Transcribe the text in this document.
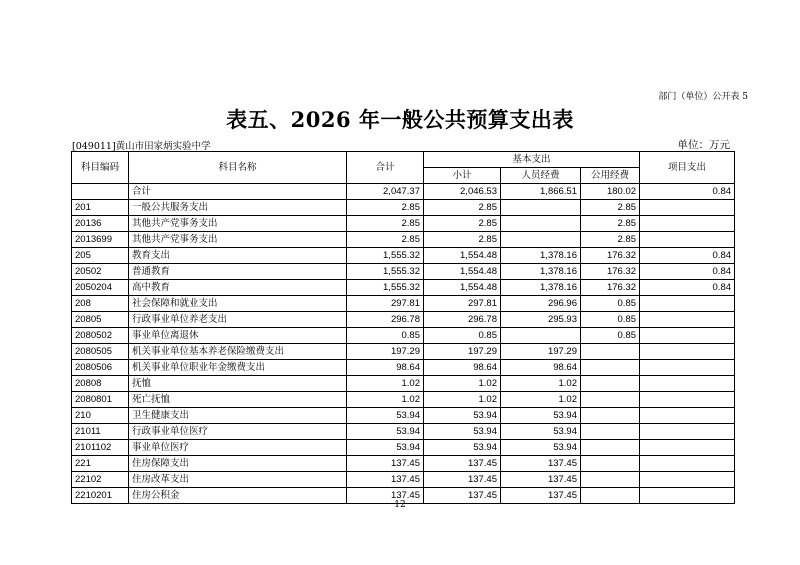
部门（单位）公开表 5
表五、2026 年一般公共预算支出表
[049011]黄山市田家炳实验中学	单位：万元
科目编码	科目名称	合计	基本支出			项目支出
			小计	人员经费	公用经费	
	合计	2,047.37	2,046.53	1,866.51	180.02	0.84
201	一般公共服务支出	2.85	2.85		2.85	
20136	其他共产党事务支出	2.85	2.85		2.85	
2013699	其他共产党事务支出	2.85	2.85		2.85	
205	教育支出	1,555.32	1,554.48	1,378.16	176.32	0.84
20502	普通教育	1,555.32	1,554.48	1,378.16	176.32	0.84
2050204	高中教育	1,555.32	1,554.48	1,378.16	176.32	0.84
208	社会保障和就业支出	297.81	297.81	296.96	0.85	
20805	行政事业单位养老支出	296.78	296.78	295.93	0.85	
2080502	事业单位离退休	0.85	0.85		0.85	
2080505	机关事业单位基本养老保险缴费支出	197.29	197.29	197.29		
2080506	机关事业单位职业年金缴费支出	98.64	98.64	98.64		
20808	抚恤	1.02	1.02	1.02		
2080801	死亡抚恤	1.02	1.02	1.02		
210	卫生健康支出	53.94	53.94	53.94		
21011	行政事业单位医疗	53.94	53.94	53.94		
2101102	事业单位医疗	53.94	53.94	53.94		
221	住房保障支出	137.45	137.45	137.45		
22102	住房改革支出	137.45	137.45	137.45		
2210201	住房公积金	137.45	137.45	137.45		
12
